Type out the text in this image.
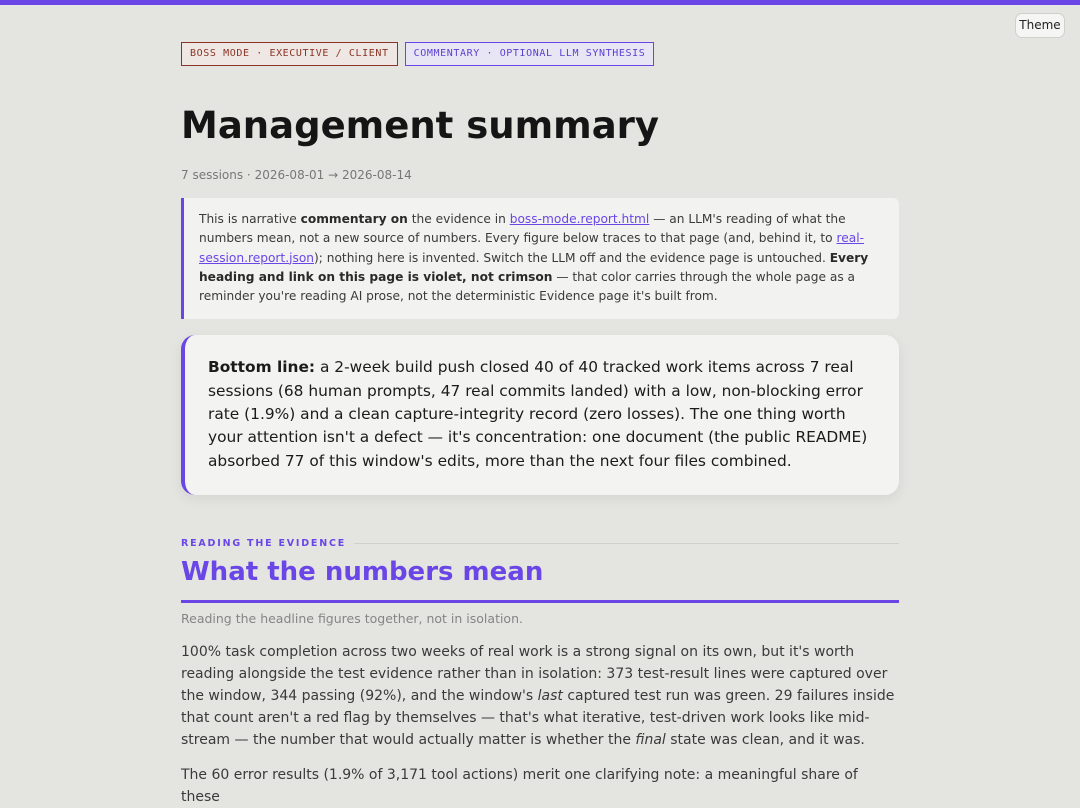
Theme
BOSS MODE · EXECUTIVE / CLIENT	COMMENTARY · OPTIONAL LLM SYNTHESIS
Management summary
7 sessions · 2026-08-01 → 2026-08-14
This is narrative commentary on the evidence in boss-mode.report.html — an LLM's reading of what the numbers mean, not a new source of numbers. Every figure below traces to that page (and, behind it, to real-session.report.json); nothing here is invented. Switch the LLM off and the evidence page is untouched. Every heading and link on this page is violet, not crimson — that color carries through the whole page as a reminder you're reading AI prose, not the deterministic Evidence page it's built from.
Bottom line: a 2-week build push closed 40 of 40 tracked work items across 7 real sessions (68 human prompts, 47 real commits landed) with a low, non-blocking error rate (1.9%) and a clean capture-integrity record (zero losses). The one thing worth your attention isn't a defect — it's concentration: one document (the public README) absorbed 77 of this window's edits, more than the next four files combined.
READING THE EVIDENCE
What the numbers mean
Reading the headline figures together, not in isolation.
100% task completion across two weeks of real work is a strong signal on its own, but it's worth reading alongside the test evidence rather than in isolation: 373 test-result lines were captured over the window, 344 passing (92%), and the window's last captured test run was green. 29 failures inside that count aren't a red flag by themselves — that's what iterative, test-driven work looks like mid-stream — the number that would actually matter is whether the final state was clean, and it was.
The 60 error results (1.9% of 3,171 tool actions) merit one clarifying note: a meaningful share of these
